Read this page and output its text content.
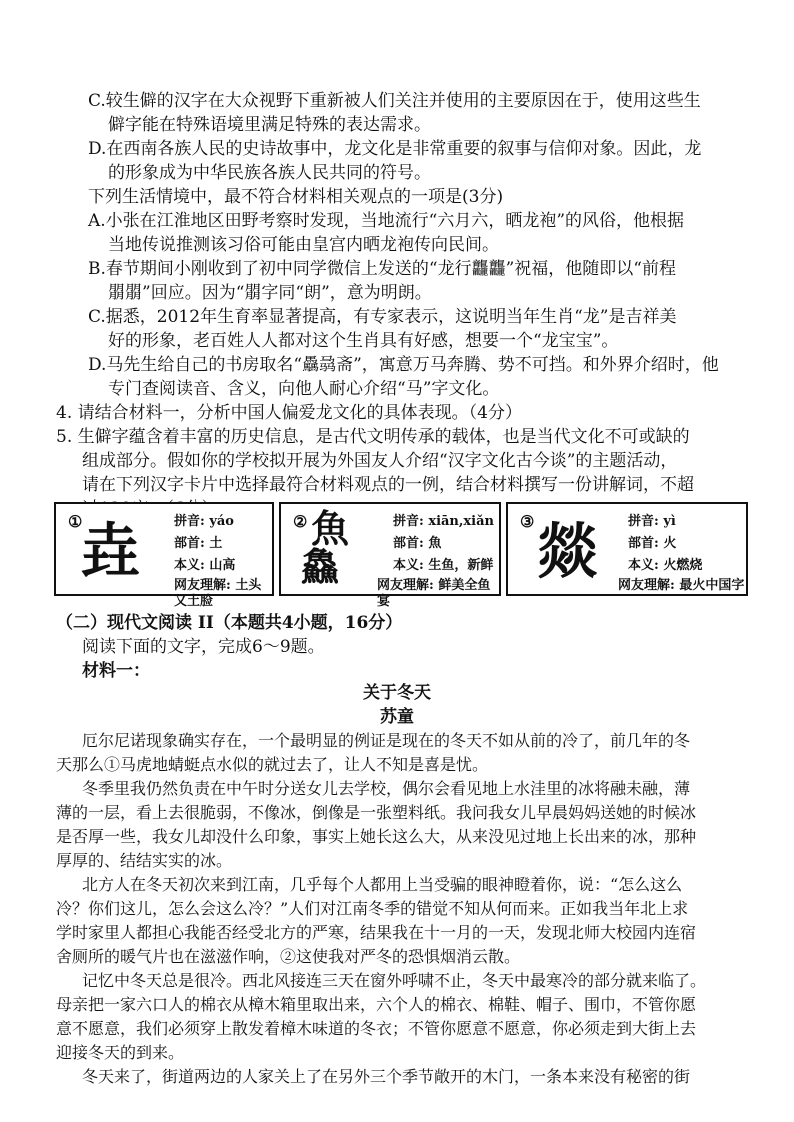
C.较生僻的汉字在大众视野下重新被人们关注并使用的主要原因在于，使用这些生
僻字能在特殊语境里满足特殊的表达需求。
D.在西南各族人民的史诗故事中，龙文化是非常重要的叙事与信仰对象。因此，龙
的形象成为中华民族各族人民共同的符号。
下列生活情境中，最不符合材料相关观点的一项是(3分)
A.小张在江淮地区田野考察时发现，当地流行“六月六，晒龙袍”的风俗，他根据
当地传说推测该习俗可能由皇宫内晒龙袍传向民间。
B.春节期间小刚收到了初中同学微信上发送的“龙行龘龘”祝福，他随即以“前程
朤朤”回应。因为“朤字同“朗”，意为明朗。
C.据悉，2012年生育率显著提高，有专家表示，这说明当年生肖“龙”是吉祥美
好的形象，老百姓人人都对这个生肖具有好感，想要一个“龙宝宝”。
D.马先生给自己的书房取名“驫骉斋”，寓意万马奔腾、势不可挡。和外界介绍时，他
专门查阅读音、含义，向他人耐心介绍“马”字文化。
4. 请结合材料一，分析中国人偏爱龙文化的具体表现。（4分）
5. 生僻字蕴含着丰富的历史信息，是古代文明传承的载体，也是当代文化不可或缺的
组成部分。假如你的学校拟开展为外国友人介绍“汉字文化古今谈”的主题活动，
请在下列汉字卡片中选择最符合材料观点的一例，结合材料撰写一份讲解词，不超
①
垚	拼音: yáo
部首: 土
本义: 山高
网友理解: 土头又土脸
② 魚
鱻
拼音: xiān,xiǎn
部首: 魚
本义: 生鱼，新鲜
网友理解: 鲜美全鱼宴
③ 燚 拼音: yì
部首: 火
本义: 火燃烧
网友理解: 最火中国字
（二）现代文阅读 II（本题共4小题，16分）
阅读下面的文字，完成6～9题。
材料一：
关于冬天
苏童
厄尔尼诺现象确实存在，一个最明显的例证是现在的冬天不如从前的冷了，前几年的冬
天那么①马虎地蜻蜓点水似的就过去了，让人不知是喜是忧。
冬季里我仍然负责在中午时分送女儿去学校，偶尔会看见地上水洼里的冰将融未融，薄
薄的一层，看上去很脆弱，不像冰，倒像是一张塑料纸。我问我女儿早晨妈妈送她的时候冰
是否厚一些，我女儿却没什么印象，事实上她长这么大，从来没见过地上长出来的冰，那种
厚厚的、结结实实的冰。
北方人在冬天初次来到江南，几乎每个人都用上当受骗的眼神瞪着你，说：“怎么这么
冷？你们这儿，怎么会这么冷？”人们对江南冬季的错觉不知从何而来。正如我当年北上求
学时家里人都担心我能否经受北方的严寒，结果我在十一月的一天，发现北师大校园内连宿
舍厕所的暖气片也在滋滋作响，②这使我对严冬的恐惧烟消云散。
记忆中冬天总是很冷。西北风接连三天在窗外呼啸不止，冬天中最寒冷的部分就来临了。
母亲把一家六口人的棉衣从樟木箱里取出来，六个人的棉衣、棉鞋、帽子、围巾，不管你愿
意不愿意，我们必须穿上散发着樟木味道的冬衣；不管你愿意不愿意，你必须走到大街上去
迎接冬天的到来。
冬天来了，街道两边的人家关上了在另外三个季节敞开的木门，一条本来没有秘密的街
